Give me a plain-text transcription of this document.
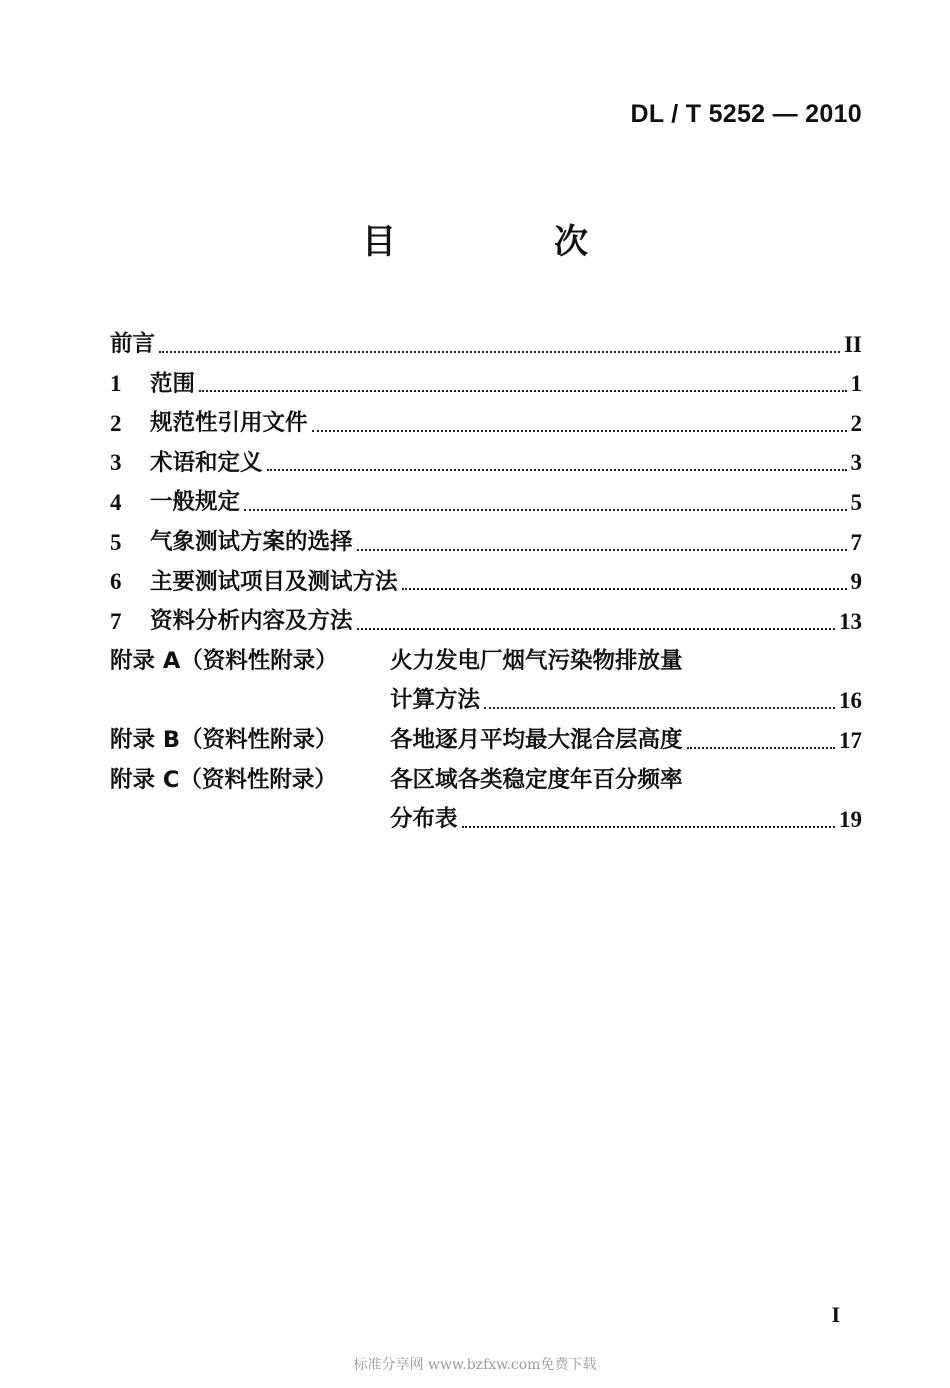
DL / T 5252 — 2010
目　次
前言	II
1	范围	1
2	规范性引用文件	2
3	术语和定义	3
4	一般规定	5
5	气象测试方案的选择	7
6	主要测试项目及测试方法	9
7	资料分析内容及方法	13
附录 A（资料性附录）	火力发电厂烟气污染物排放量
计算方法	16
附录 B（资料性附录）	各地逐月平均最大混合层高度	17
附录 C（资料性附录）	各区域各类稳定度年百分频率
分布表	19
I
标准分享网 www.bzfxw.com免费下载
